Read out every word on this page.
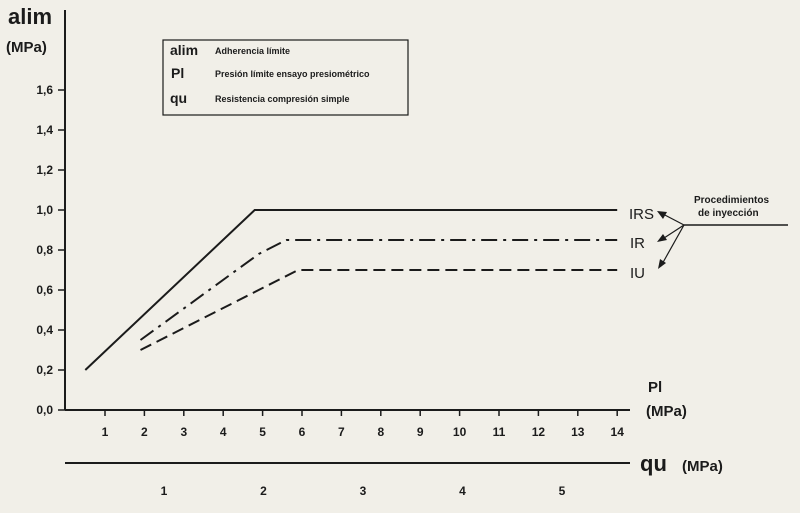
alim
(MPa)
Pl
(MPa)
qu (MPa)
0,0
0,2
0,4
0,6
0,8
1,0
1,2
1,4
1,6
1	2	3	4	5	6	7	8	9 10 11 12 13 14
1	2	3	4	5
alim Adherencia límite
Pl	Presión límite ensayo presiométrico
qu	Resistencia compresión simple
IRS
IR
IU
Procedimientos
de inyección
